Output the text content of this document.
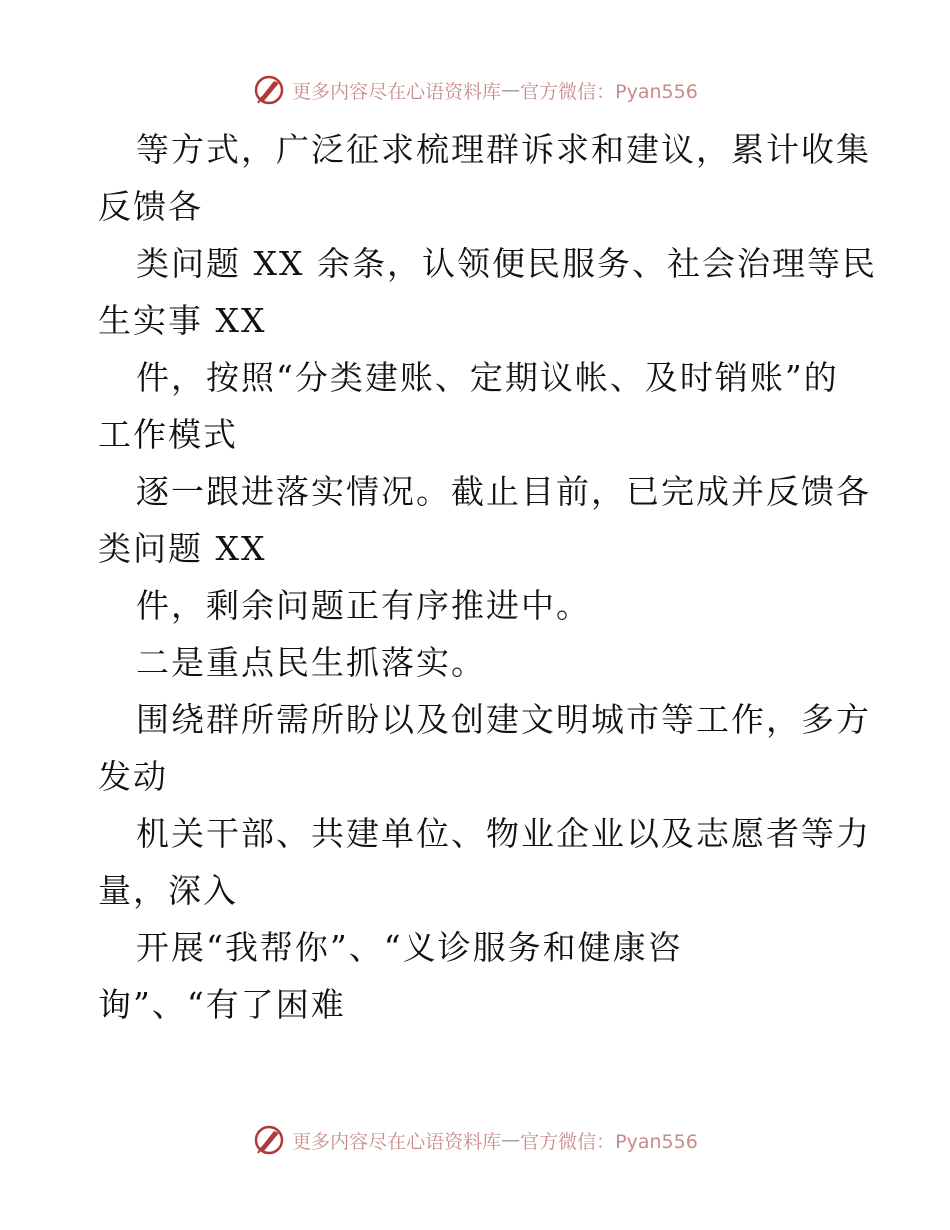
更多内容尽在心语资料库 — 官方微信：Pyan556
等方式，广泛征求梳理群诉求和建议，累计收集
反馈各
类问题 XX 余条，认领便民服务、社会治理等民
生实事 XX
件，按照“分类建账、定期议帐、及时销账”的
工作模式
逐一跟进落实情况。截止目前，已完成并反馈各
类问题 XX
件，剩余问题正有序推进中。
二是重点民生抓落实。
围绕群所需所盼以及创建文明城市等工作，多方
发动
机关干部、共建单位、物业企业以及志愿者等力
量，深入
开展“我帮你”、“义诊服务和健康咨
询”、“有了困难
更多内容尽在心语资料库 — 官方微信：Pyan556
